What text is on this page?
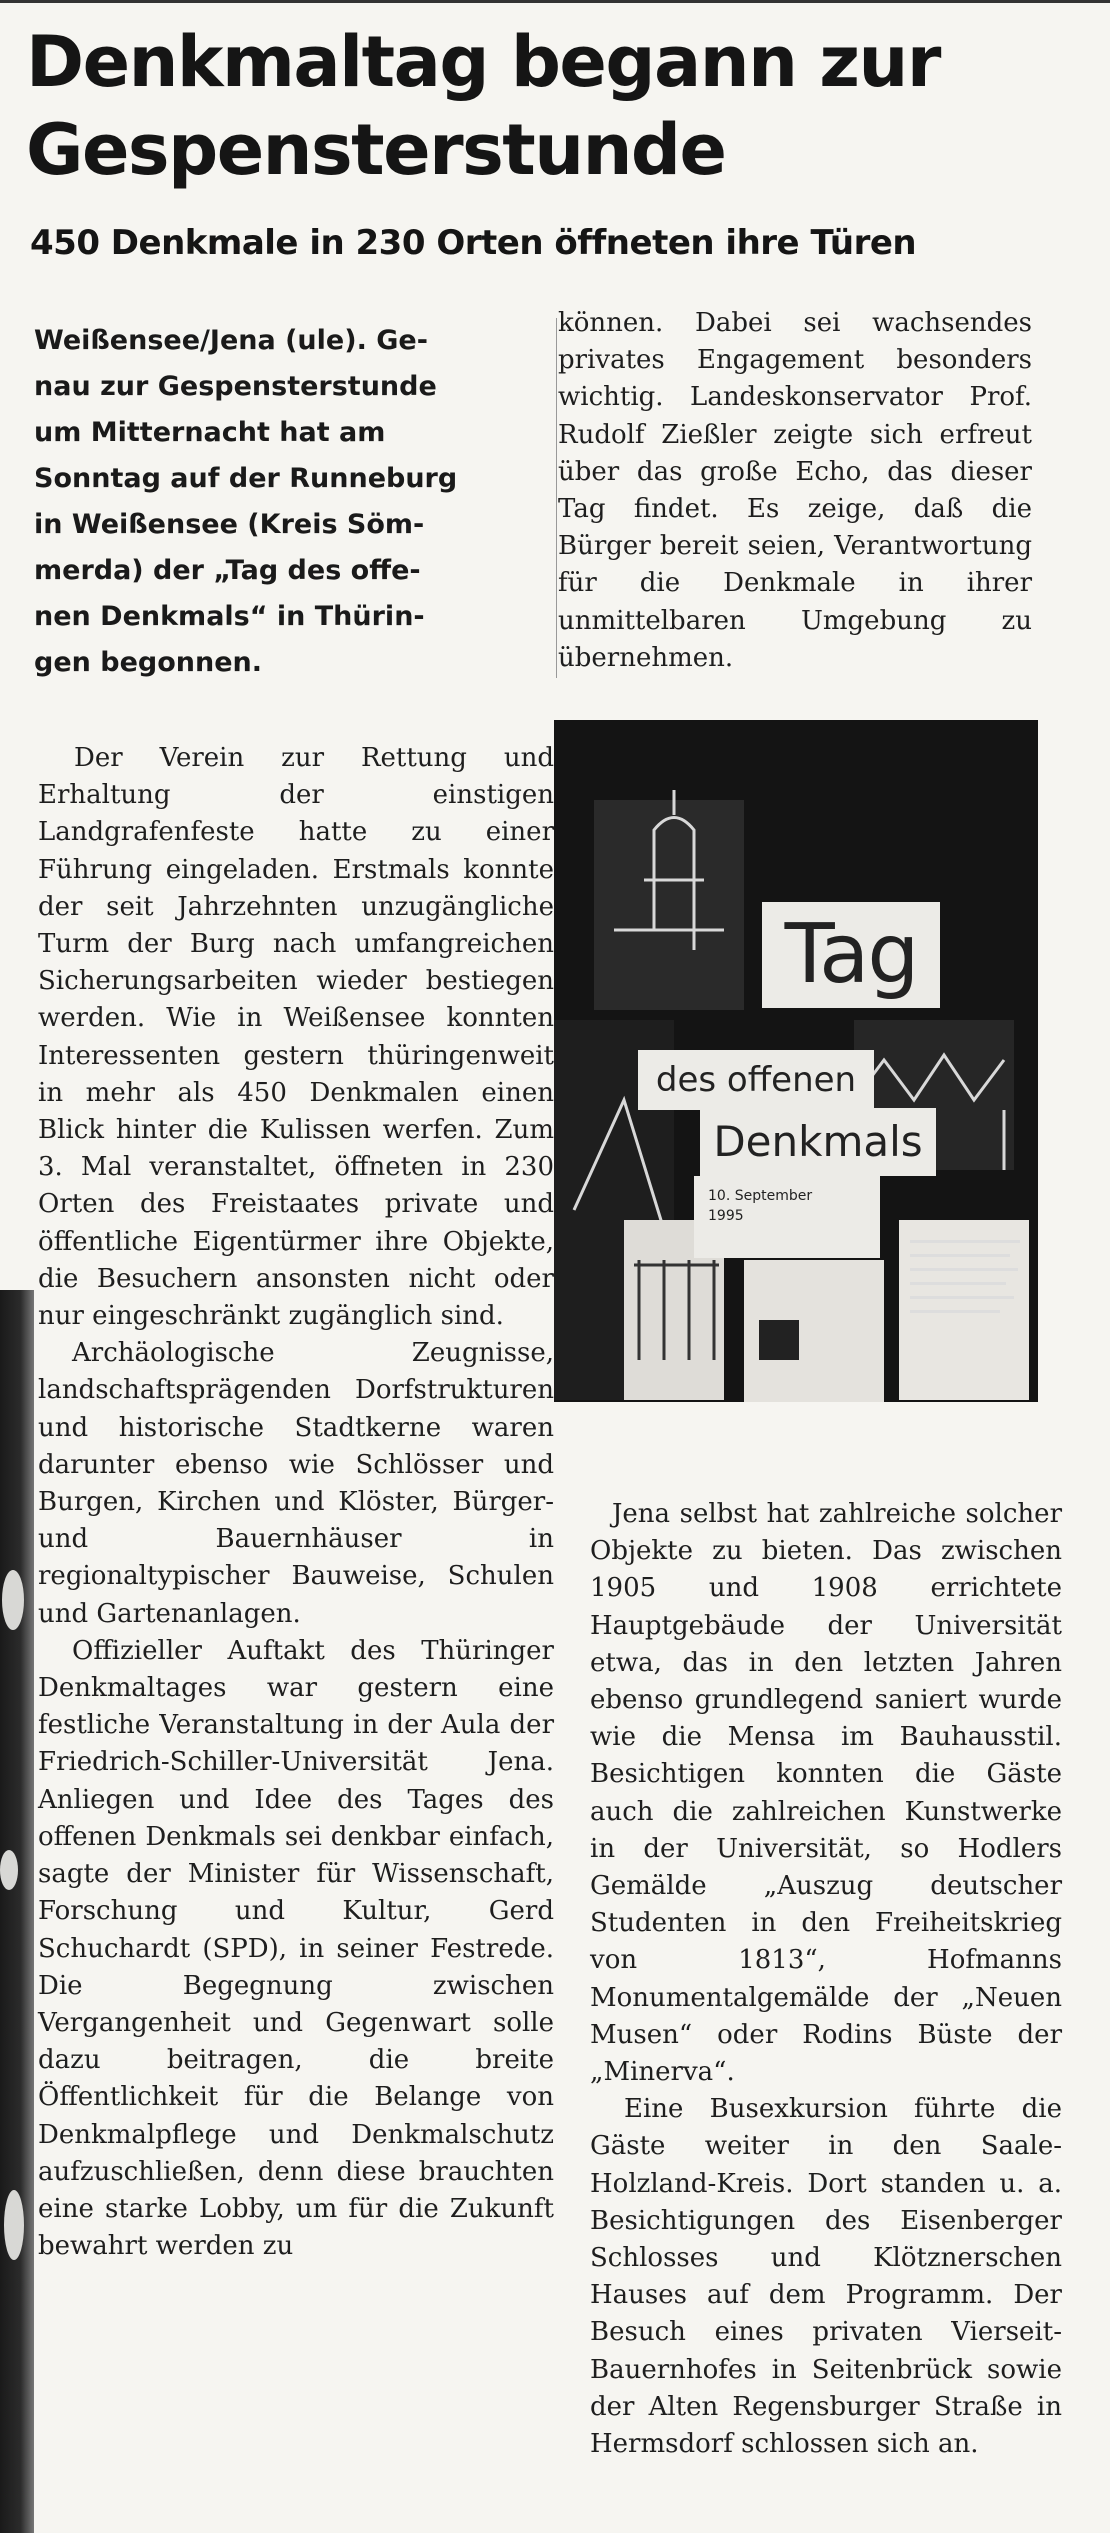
Denkmaltag begann zur Gespensterstunde
450 Denkmale in 230 Orten öffneten ihre Türen
Weißensee/Jena (ule). Ge-
nau zur Gespensterstunde
um Mitternacht hat am
Sonntag auf der Runneburg
in Weißensee (Kreis Söm-
merda) der „Tag des offe-
nen Denkmals“ in Thürin-
gen begonnen.

Der Verein zur Rettung und Erhaltung der einstigen Landgrafenfeste hatte zu einer Führung eingeladen. Erstmals konnte der seit Jahrzehnten unzugängliche Turm der Burg nach umfangreichen Sicherungsarbeiten wieder bestiegen werden. Wie in Weißensee konnten Interessenten gestern thüringenweit in mehr als 450 Denkmalen einen Blick hinter die Kulissen werfen. Zum 3. Mal veranstaltet, öffneten in 230 Orten des Freistaates private und öffentliche Eigentürmer ihre Objekte, die Besuchern ansonsten nicht oder nur eingeschränkt zugänglich sind.

Archäologische Zeugnisse, landschaftsprägenden Dorfstrukturen und historische Stadtkerne waren darunter ebenso wie Schlösser und Burgen, Kirchen und Klöster, Bürger- und Bauernhäuser in regionaltypischer Bauweise, Schulen und Gartenanlagen.

Offizieller Auftakt des Thüringer Denkmaltages war gestern eine festliche Veranstaltung in der Aula der Friedrich-Schiller-Universität Jena. Anliegen und Idee des Tages des offenen Denkmals sei denkbar einfach, sagte der Minister für Wissenschaft, Forschung und Kultur, Gerd Schuchardt (SPD), in seiner Festrede. Die Begegnung zwischen Vergangenheit und Gegenwart solle dazu beitragen, die breite Öffentlichkeit für die Belange von Denkmalpflege und Denkmalschutz aufzuschließen, denn diese brauchten eine starke Lobby, um für die Zukunft bewahrt werden zu

können. Dabei sei wachsendes privates Engagement besonders wichtig. Landeskonservator Prof. Rudolf Zießler zeigte sich erfreut über das große Echo, das dieser Tag findet. Es zeige, daß die Bürger bereit seien, Verantwortung für die Denkmale in ihrer unmittelbaren Umgebung zu übernehmen.

Tag
des offenen
Denkmals
10. September
1995

Jena selbst hat zahlreiche solcher Objekte zu bieten. Das zwischen 1905 und 1908 errichtete Hauptgebäude der Universität etwa, das in den letzten Jahren ebenso grundlegend saniert wurde wie die Mensa im Bauhausstil. Besichtigen konnten die Gäste auch die zahlreichen Kunstwerke in der Universität, so Hodlers Gemälde „Auszug deutscher Studenten in den Freiheitskrieg von 1813“, Hofmanns Monumentalgemälde der „Neuen Musen“ oder Rodins Büste der „Minerva“.

Eine Busexkursion führte die Gäste weiter in den Saale-Holzland-Kreis. Dort standen u. a. Besichtigungen des Eisenberger Schlosses und Klötznerschen Hauses auf dem Programm. Der Besuch eines privaten Vierseit-Bauernhofes in Seitenbrück sowie der Alten Regensburger Straße in Hermsdorf schlossen sich an.
